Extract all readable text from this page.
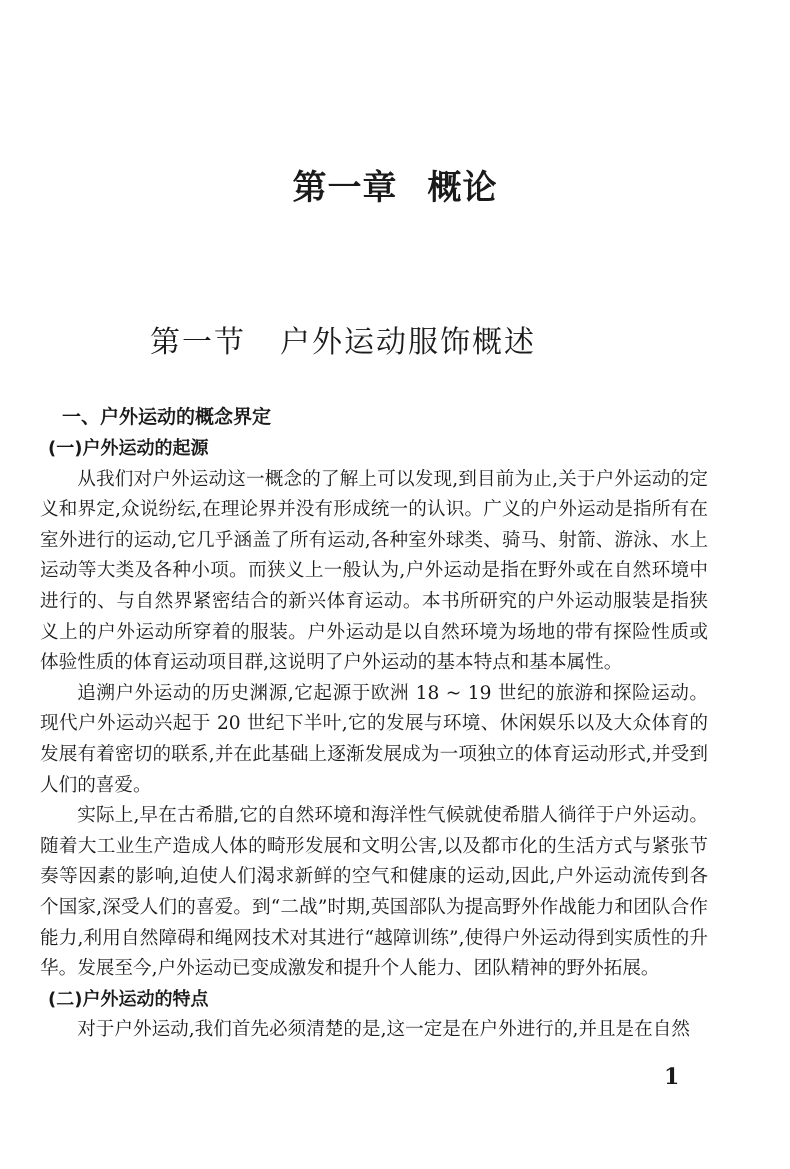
第一章 概论
第一节 户外运动服饰概述
一、户外运动的概念界定
(一)户外运动的起源

从我们对户外运动这一概念的了解上可以发现,到目前为止,关于户外运动的定义和界定,众说纷纭,在理论界并没有形成统一的认识。广义的户外运动是指所有在室外进行的运动,它几乎涵盖了所有运动,各种室外球类、骑马、射箭、游泳、水上运动等大类及各种小项。而狭义上一般认为,户外运动是指在野外或在自然环境中进行的、与自然界紧密结合的新兴体育运动。本书所研究的户外运动服装是指狭义上的户外运动所穿着的服装。户外运动是以自然环境为场地的带有探险性质或体验性质的体育运动项目群,这说明了户外运动的基本特点和基本属性。

追溯户外运动的历史渊源,它起源于欧洲 18 ~ 19 世纪的旅游和探险运动。现代户外运动兴起于 20 世纪下半叶,它的发展与环境、休闲娱乐以及大众体育的发展有着密切的联系,并在此基础上逐渐发展成为一项独立的体育运动形式,并受到人们的喜爱。

实际上,早在古希腊,它的自然环境和海洋性气候就使希腊人徜徉于户外运动。随着大工业生产造成人体的畸形发展和文明公害,以及都市化的生活方式与紧张节奏等因素的影响,迫使人们渴求新鲜的空气和健康的运动,因此,户外运动流传到各个国家,深受人们的喜爱。到“二战”时期,英国部队为提高野外作战能力和团队合作能力,利用自然障碍和绳网技术对其进行“越障训练”,使得户外运动得到实质性的升华。发展至今,户外运动已变成激发和提升个人能力、团队精神的野外拓展。

(二)户外运动的特点

对于户外运动,我们首先必须清楚的是,这一定是在户外进行的,并且是在自然

1
